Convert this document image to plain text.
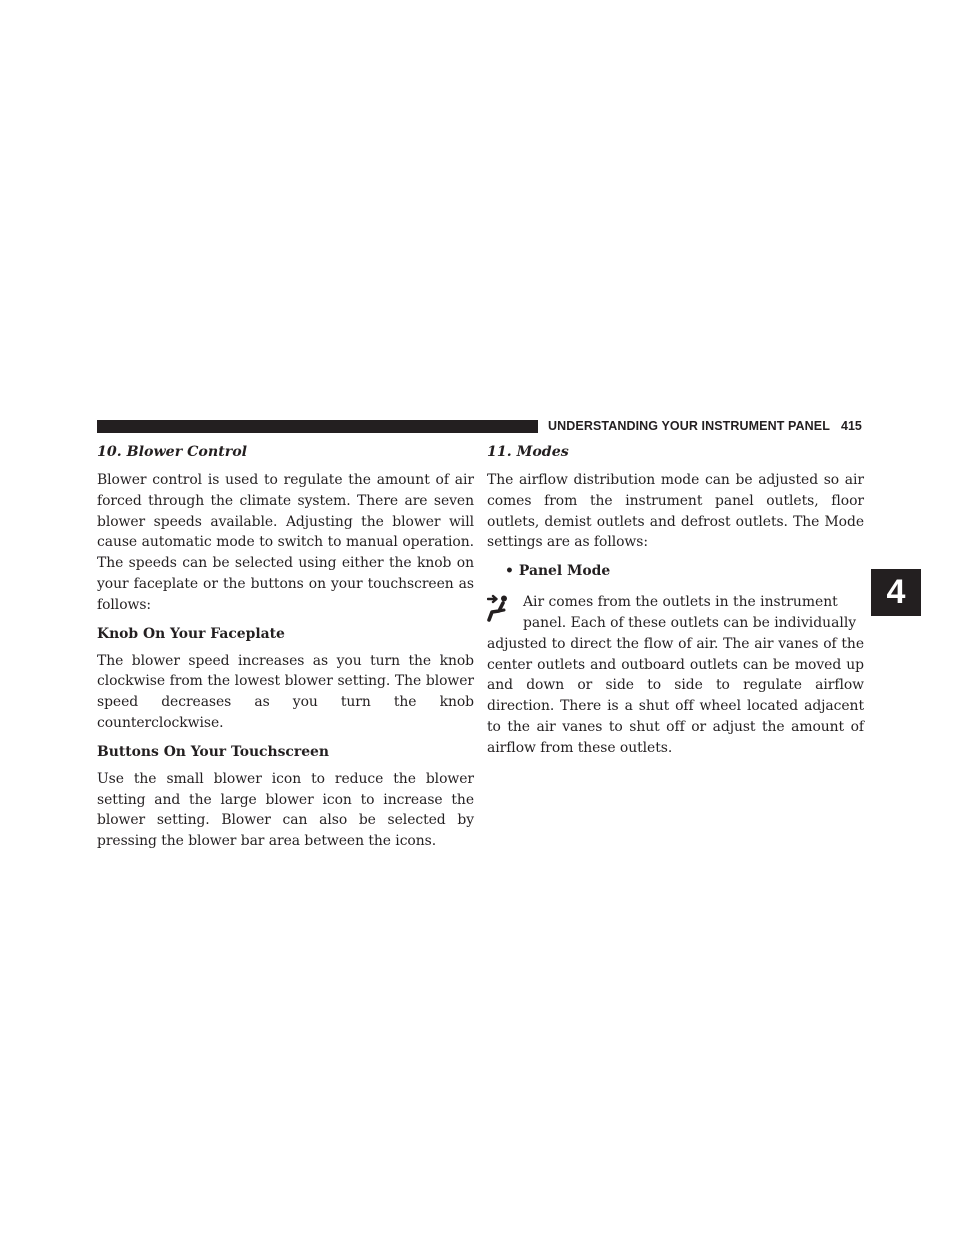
UNDERSTANDING YOUR INSTRUMENT PANEL 415
4
10. Blower Control

Blower control is used to regulate the amount of air forced through the climate system. There are seven blower speeds available. Adjusting the blower will cause automatic mode to switch to manual operation. The speeds can be selected using either the knob on your faceplate or the buttons on your touchscreen as follows:

Knob On Your Faceplate

The blower speed increases as you turn the knob clockwise from the lowest blower setting. The blower speed decreases as you turn the knob counterclockwise.

Buttons On Your Touchscreen

Use the small blower icon to reduce the blower setting and the large blower icon to increase the blower setting. Blower can also be selected by pressing the blower bar area between the icons.

11. Modes

The airflow distribution mode can be adjusted so air comes from the instrument panel outlets, floor outlets, demist outlets and defrost outlets. The Mode settings are as follows:

• Panel Mode

Air comes from the outlets in the instrument

panel. Each of these outlets can be individually

adjusted to direct the flow of air. The air vanes of the center outlets and outboard outlets can be moved up and down or side to side to regulate airflow direction. There is a shut off wheel located adjacent to the air vanes to shut off or adjust the amount of airflow from these outlets.
